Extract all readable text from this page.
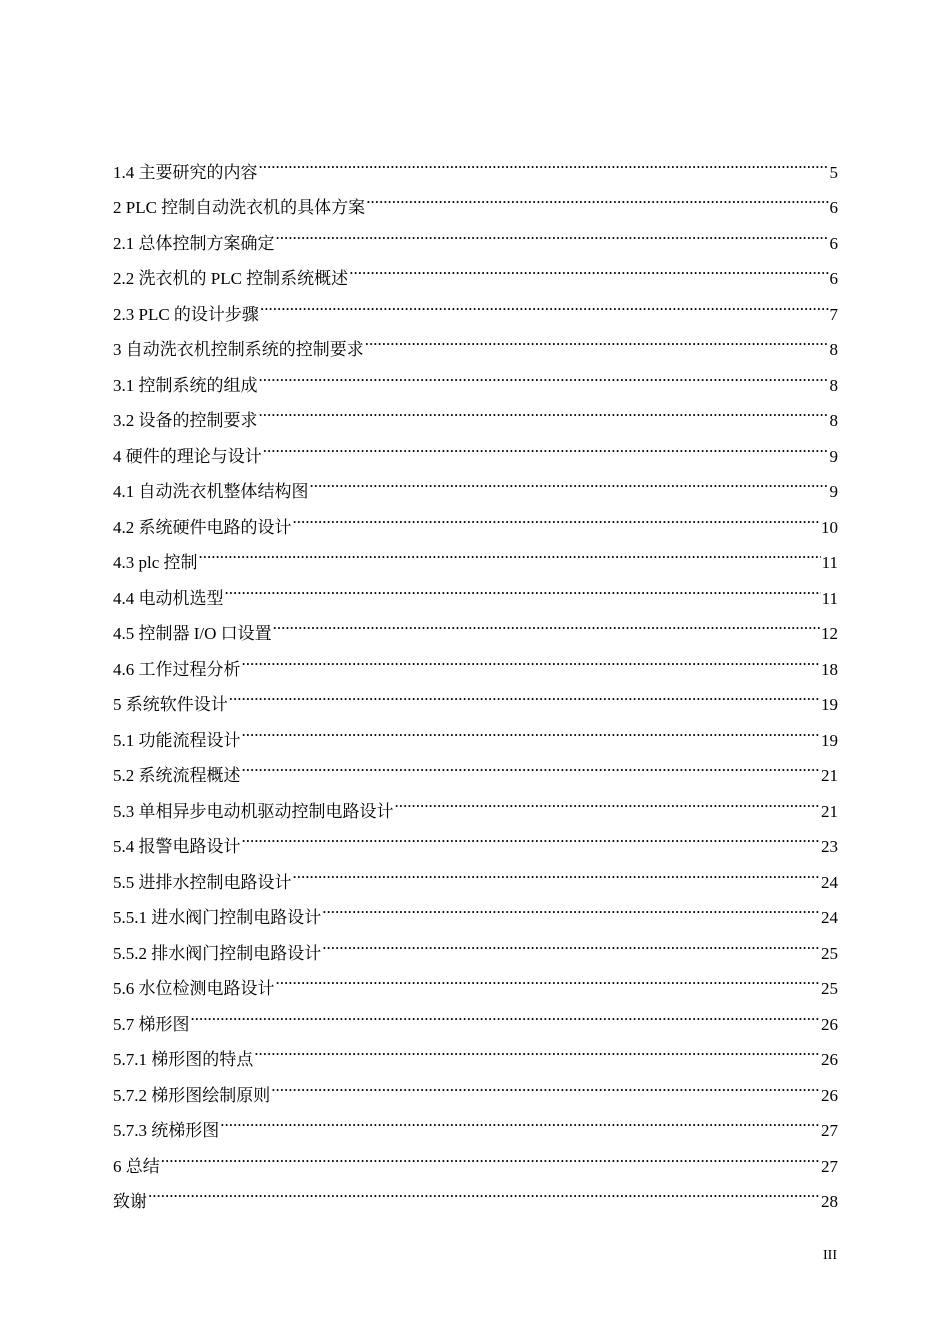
1.4 主要研究的内容 .....	5
2 PLC 控制自动洗衣机的具体方案 .....	6
2.1 总体控制方案确定 .....	6
2.2 洗衣机的 PLC 控制系统概述 .....	6
2.3 PLC 的设计步骤 .....	7
3 自动洗衣机控制系统的控制要求 .....	8
3.1 控制系统的组成 .....	8
3.2 设备的控制要求 .....	8
4 硬件的理论与设计 .....	9
4.1 自动洗衣机整体结构图 .....	9
4.2 系统硬件电路的设计 .....	10
4.3 plc 控制 .....	11
4.4 电动机选型 .....	11
4.5 控制器 I/O 口设置 .....	12
4.6 工作过程分析 .....	18
5 系统软件设计 .....	19
5.1 功能流程设计 .....	19
5.2 系统流程概述 .....	21
5.3 单相异步电动机驱动控制电路设计 .....	21
5.4 报警电路设计 .....	23
5.5 进排水控制电路设计 .....	24
5.5.1 进水阀门控制电路设计 .....	24
5.5.2 排水阀门控制电路设计 .....	25
5.6 水位检测电路设计 .....	25
5.7 梯形图 .....	26
5.7.1 梯形图的特点 .....	26
5.7.2 梯形图绘制原则 .....	26
5.7.3 统梯形图 .....	27
6 总结 .....	27
致谢 .....	28
III
